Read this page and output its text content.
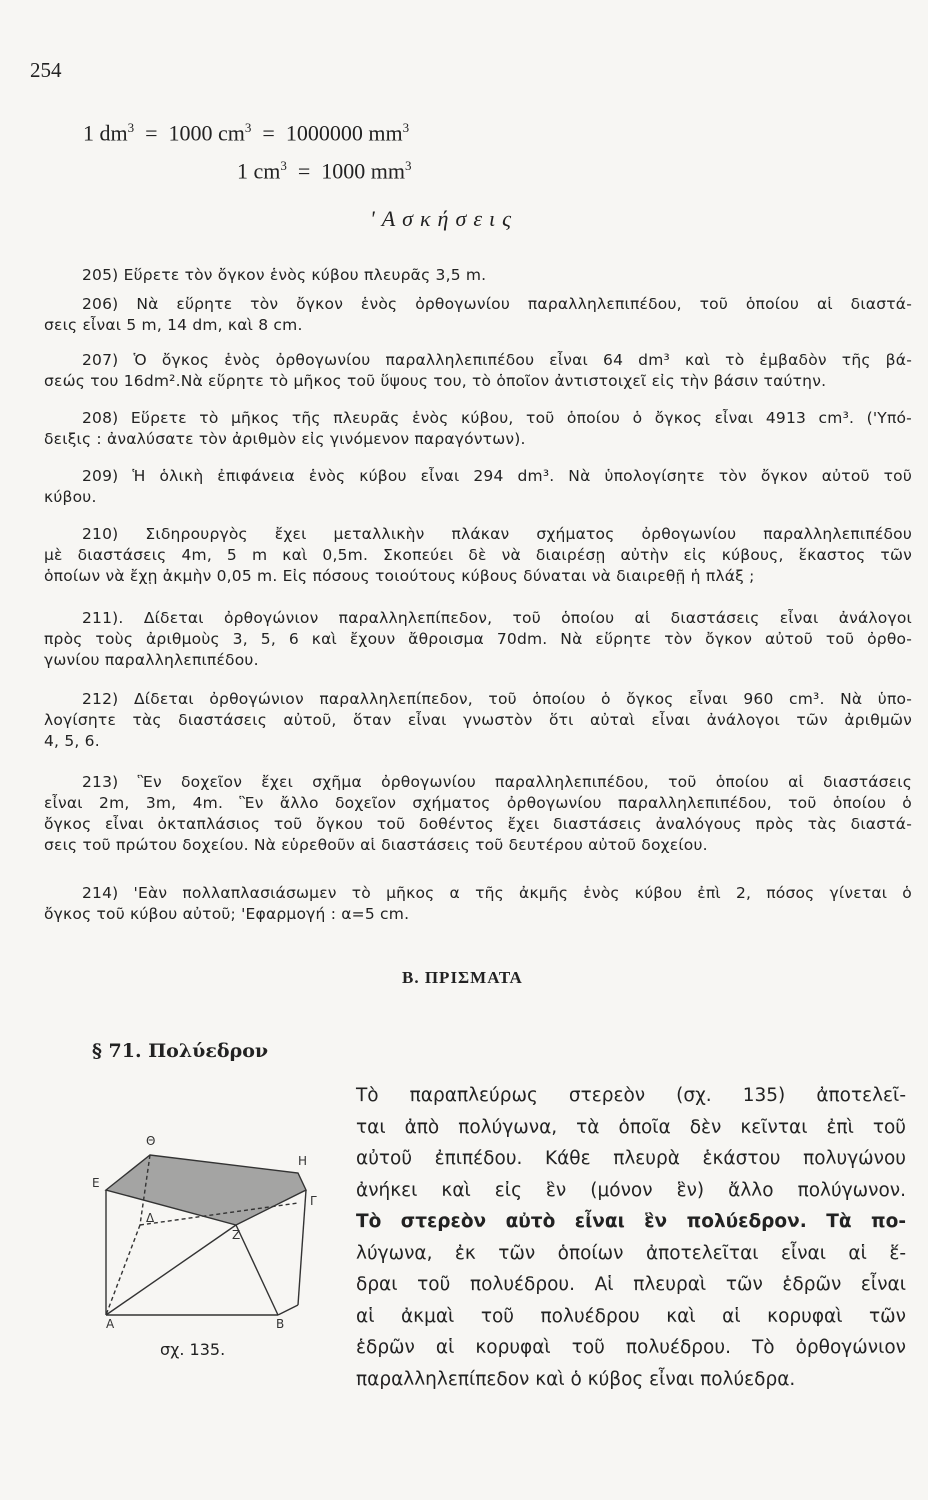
254
1 $dm^3 = 1000$ $cm^3 = 1000000$ $mm^3$
1 $cm^3 = 1000$ $mm^3$
'Ασκήσεις
205) Εὕρετε τὸν ὄγκον ἑνὸς κύβου πλευρᾶς 3,5 m.
206) Νὰ εὕρητε τὸν ὄγκον ἑνὸς ὀρθογωνίου παραλληλεπιπέδου, τοῦ ὁποίου αἱ διαστά-
σεις εἶναι 5 m, 14 dm, καὶ 8 cm.
207) Ὁ ὄγκος ἑνὸς ὀρθογωνίου παραλληλεπιπέδου εἶναι 64 dm³ καὶ τὸ ἐμβαδὸν τῆς βά-
σεώς του 16dm².Νὰ εὕρητε τὸ μῆκος τοῦ ὕψους του, τὸ ὁποῖον ἀντιστοιχεῖ εἰς τὴν βάσιν ταύτην.
208) Εὕρετε τὸ μῆκος τῆς πλευρᾶς ἑνὸς κύβου, τοῦ ὁποίου ὁ ὄγκος εἶναι 4913 cm³. ('Υπό-
δειξις : ἀναλύσατε τὸν ἀριθμὸν εἰς γινόμενον παραγόντων).
209) Ἡ ὁλικὴ ἐπιφάνεια ἑνὸς κύβου εἶναι 294 dm³. Νὰ ὑπολογίσητε τὸν ὄγκον αὐτοῦ τοῦ
κύβου.
210) Σιδηρουργὸς ἔχει μεταλλικὴν πλάκαν σχήματος ὀρθογωνίου παραλληλεπιπέδου
μὲ διαστάσεις 4m, 5 m καὶ 0,5m. Σκοπεύει δὲ νὰ διαιρέσῃ αὐτὴν εἰς κύβους, ἕκαστος τῶν
ὁποίων νὰ ἔχῃ ἀκμὴν 0,05 m. Εἰς πόσους τοιούτους κύβους δύναται νὰ διαιρεθῇ ἡ πλάξ ;
211). Δίδεται ὀρθογώνιον παραλληλεπίπεδον, τοῦ ὁποίου αἱ διαστάσεις εἶναι ἀνάλογοι
πρὸς τοὺς ἀριθμοὺς 3, 5, 6 καὶ ἔχουν ἄθροισμα 70dm. Νὰ εὕρητε τὸν ὄγκον αὐτοῦ τοῦ ὀρθο-
γωνίου παραλληλεπιπέδου.
212) Δίδεται ὀρθογώνιον παραλληλεπίπεδον, τοῦ ὁποίου ὁ ὄγκος εἶναι 960 cm³. Νὰ ὑπο-
λογίσητε τὰς διαστάσεις αὐτοῦ, ὅταν εἶναι γνωστὸν ὅτι αὐταὶ εἶναι ἀνάλογοι τῶν ἀριθμῶν
4, 5, 6.
213) Ἓν δοχεῖον ἔχει σχῆμα ὀρθογωνίου παραλληλεπιπέδου, τοῦ ὁποίου αἱ διαστάσεις
εἶναι 2m, 3m, 4m. Ἓν ἄλλο δοχεῖον σχήματος ὀρθογωνίου παραλληλεπιπέδου, τοῦ ὁποίου ὁ
ὄγκος εἶναι ὀκταπλάσιος τοῦ ὄγκου τοῦ δοθέντος ἔχει διαστάσεις ἀναλόγους πρὸς τὰς διαστά-
σεις τοῦ πρώτου δοχείου. Νὰ εὑρεθοῦν αἱ διαστάσεις τοῦ δευτέρου αὐτοῦ δοχείου.
214) 'Εὰν πολλαπλασιάσωμεν τὸ μῆκος α τῆς ἀκμῆς ἑνὸς κύβου ἐπὶ 2, πόσος γίνεται ὁ
ὄγκος τοῦ κύβου αὐτοῦ; 'Εφαρμογή : α=5 cm.
Β. ΠΡΙΣΜΑΤΑ
§ 71. Πολύεδρον
Θ
Η
Ε
Γ
Δ
Ζ
Α	Β
σχ. 135.
Τὸ παραπλεύρως στερεὸν (σχ. 135) ἀποτελεῖ-
ται ἀπὸ πολύγωνα, τὰ ὁποῖα δὲν κεῖνται ἐπὶ τοῦ
αὐτοῦ ἐπιπέδου. Κάθε πλευρὰ ἑκάστου πολυγώνου
ἀνήκει καὶ εἰς ἓν (μόνον ἓν) ἄλλο πολύγωνον.
Τὸ στερεὸν αὐτὸ εἶναι ἓν πολύεδρον. Τὰ πο-
λύγωνα, ἐκ τῶν ὁποίων ἀποτελεῖται εἶναι αἱ ἕ-
δραι τοῦ πολυέδρου. Αἱ πλευραὶ τῶν ἑδρῶν εἶναι
αἱ ἀκμαὶ τοῦ πολυέδρου καὶ αἱ κορυφαὶ τῶν
ἑδρῶν αἱ κορυφαὶ τοῦ πολυέδρου. Τὸ ὀρθογώνιον
παραλληλεπίπεδον καὶ ὁ κύβος εἶναι πολύεδρα.
